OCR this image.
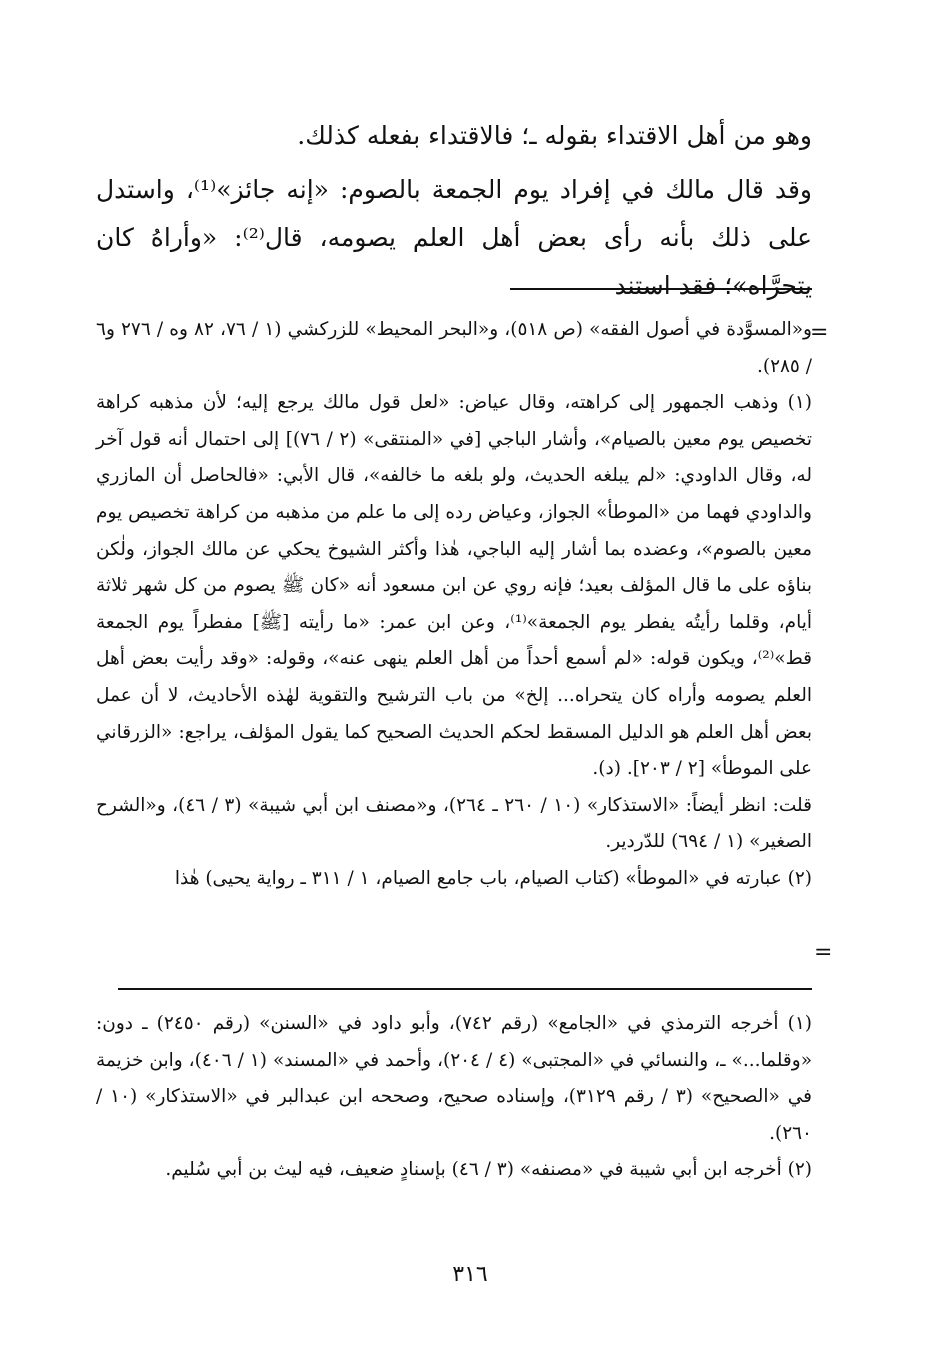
وهو من أهل الاقتداء بقوله ـ؛ فالاقتداء بفعله كذلك.

وقد قال مالك في إفراد يوم الجمعة بالصوم: «إنه جائز»⁽¹⁾، واستدل على ذلك بأنه رأى بعض أهل العلم يصومه، قال⁽²⁾: «وأراهُ كان يتحرَّاه»؛ فقد استند

=

و«المسوَّدة في أصول الفقه» (ص ٥١٨)، و«البحر المحيط» للزركشي (١ / ٧٦، ٨٢ وه / ٢٧٦ و٦ / ٢٨٥).

(١) وذهب الجمهور إلى كراهته، وقال عياض: «لعل قول مالك يرجع إليه؛ لأن مذهبه كراهة تخصيص يوم معين بالصيام»، وأشار الباجي [في «المنتقى» (٢ / ٧٦)] إلى احتمال أنه قول آخر له، وقال الداودي: «لم يبلغه الحديث، ولو بلغه ما خالفه»، قال الأبي: «فالحاصل أن المازري والداودي فهما من «الموطأ» الجواز، وعياض رده إلى ما علم من مذهبه من كراهة تخصيص يوم معين بالصوم»، وعضده بما أشار إليه الباجي، هٰذا وأكثر الشيوخ يحكي عن مالك الجواز، ولٰكن بناؤه على ما قال المؤلف بعيد؛ فإنه روي عن ابن مسعود أنه «كان ﷺ يصوم من كل شهر ثلاثة أيام، وقلما رأيتُه يفطر يوم الجمعة»⁽¹⁾، وعن ابن عمر: «ما رأيته [ﷺ] مفطراً يوم الجمعة قط»⁽²⁾، ويكون قوله: «لم أسمع أحداً من أهل العلم ينهى عنه»، وقوله: «وقد رأيت بعض أهل العلم يصومه وأراه كان يتحراه... إلخ» من باب الترشيح والتقوية لهٰذه الأحاديث، لا أن عمل بعض أهل العلم هو الدليل المسقط لحكم الحديث الصحيح كما يقول المؤلف، يراجع: «الزرقاني على الموطأ» [٢ / ٢٠٣]. (د).

قلت: انظر أيضاً: «الاستذكار» (١٠ / ٢٦٠ ـ ٢٦٤)، و«مصنف ابن أبي شيبة» (٣ / ٤٦)، و«الشرح الصغير» (١ / ٦٩٤) للدّردير.

(٢) عبارته في «الموطأ» (كتاب الصيام، باب جامع الصيام، ١ / ٣١١ ـ رواية يحيى) هٰذا

=

(١) أخرجه الترمذي في «الجامع» (رقم ٧٤٢)، وأبو داود في «السنن» (رقم ٢٤٥٠) ـ دون: «وقلما...» ـ، والنسائي في «المجتبى» (٤ / ٢٠٤)، وأحمد في «المسند» (١ / ٤٠٦)، وابن خزيمة في «الصحيح» (٣ / رقم ٣١٢٩)، وإسناده صحيح، وصححه ابن عبدالبر في «الاستذكار» (١٠ / ٢٦٠).

(٢) أخرجه ابن أبي شيبة في «مصنفه» (٣ / ٤٦) بإسنادٍ ضعيف، فيه ليث بن أبي سُليم.

٣١٦
